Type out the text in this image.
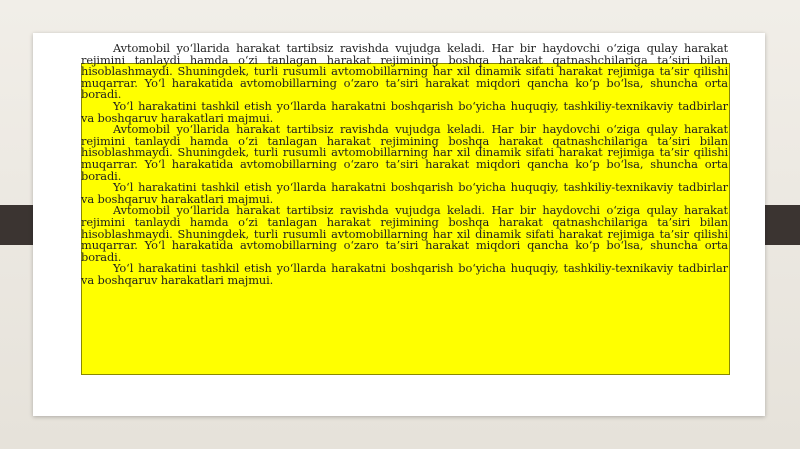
Avtomobil yo‘llarida harakat tartibsiz ravishda vujudga keladi. Har bir haydovchi o‘ziga qulay harakat rejimini tanlaydi hamda o‘zi tanlagan harakat rejimining boshqa harakat qatnashchilariga ta’siri bilan hisoblashmaydi. Shuningdek, turli rusumli avtomobillarning har xil dinamik sifati harakat rejimiga ta’sir qilishi muqarrar. Yo‘l harakatida avtomobillarning o‘zaro ta’siri harakat miqdori qancha ko‘p bo‘lsa, shuncha orta boradi.

Yo‘l harakatini tashkil etish yo‘llarda harakatni boshqarish bo‘yicha huquqiy, tashkiliy-texnikaviy tadbirlar va boshqaruv harakatlari majmui.

Avtomobil yo‘llarida harakat tartibsiz ravishda vujudga keladi. Har bir haydovchi o‘ziga qulay harakat rejimini tanlaydi hamda o‘zi tanlagan harakat rejimining boshqa harakat qatnashchilariga ta’siri bilan hisoblashmaydi. Shuningdek, turli rusumli avtomobillarning har xil dinamik sifati harakat rejimiga ta’sir qilishi muqarrar. Yo‘l harakatida avtomobillarning o‘zaro ta’siri harakat miqdori qancha ko‘p bo‘lsa, shuncha orta boradi.

Yo‘l harakatini tashkil etish yo‘llarda harakatni boshqarish bo‘yicha huquqiy, tashkiliy-texnikaviy tadbirlar va boshqaruv harakatlari majmui.

Avtomobil yo‘llarida harakat tartibsiz ravishda vujudga keladi. Har bir haydovchi o‘ziga qulay harakat rejimini tanlaydi hamda o‘zi tanlagan harakat rejimining boshqa harakat qatnashchilariga ta’siri bilan hisoblashmaydi. Shuningdek, turli rusumli avtomobillarning har xil dinamik sifati harakat rejimiga ta’sir qilishi muqarrar. Yo‘l harakatida avtomobillarning o‘zaro ta’siri harakat miqdori qancha ko‘p bo‘lsa, shuncha orta boradi.

Yo‘l harakatini tashkil etish yo‘llarda harakatni boshqarish bo‘yicha huquqiy, tashkiliy-texnikaviy tadbirlar va boshqaruv harakatlari majmui.
